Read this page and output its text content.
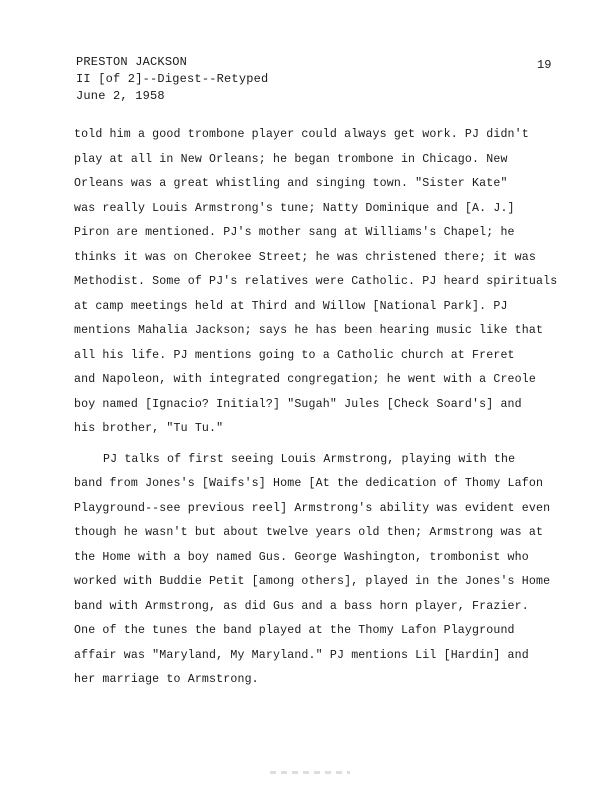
PRESTON JACKSON
II [of 2]--Digest--Retyped
June 2, 1958
19
told him a good trombone player could always get work. PJ didn't
play at all in New Orleans; he began trombone in Chicago. New
Orleans was a great whistling and singing town. "Sister Kate"
was really Louis Armstrong's tune; Natty Dominique and [A. J.]
Piron are mentioned. PJ's mother sang at Williams's Chapel; he
thinks it was on Cherokee Street; he was christened there; it was
Methodist. Some of PJ's relatives were Catholic. PJ heard spirituals
at camp meetings held at Third and Willow [National Park]. PJ
mentions Mahalia Jackson; says he has been hearing music like that
all his life. PJ mentions going to a Catholic church at Freret
and Napoleon, with integrated congregation; he went with a Creole
boy named [Ignacio? Initial?] "Sugah" Jules [Check Soard's] and
his brother, "Tu Tu."
PJ talks of first seeing Louis Armstrong, playing with the
band from Jones's [Waifs's] Home [At the dedication of Thomy Lafon
Playground--see previous reel] Armstrong's ability was evident even
though he wasn't but about twelve years old then; Armstrong was at
the Home with a boy named Gus. George Washington, trombonist who
worked with Buddie Petit [among others], played in the Jones's Home
band with Armstrong, as did Gus and a bass horn player, Frazier.
One of the tunes the band played at the Thomy Lafon Playground
affair was "Maryland, My Maryland." PJ mentions Lil [Hardin] and
her marriage to Armstrong.
